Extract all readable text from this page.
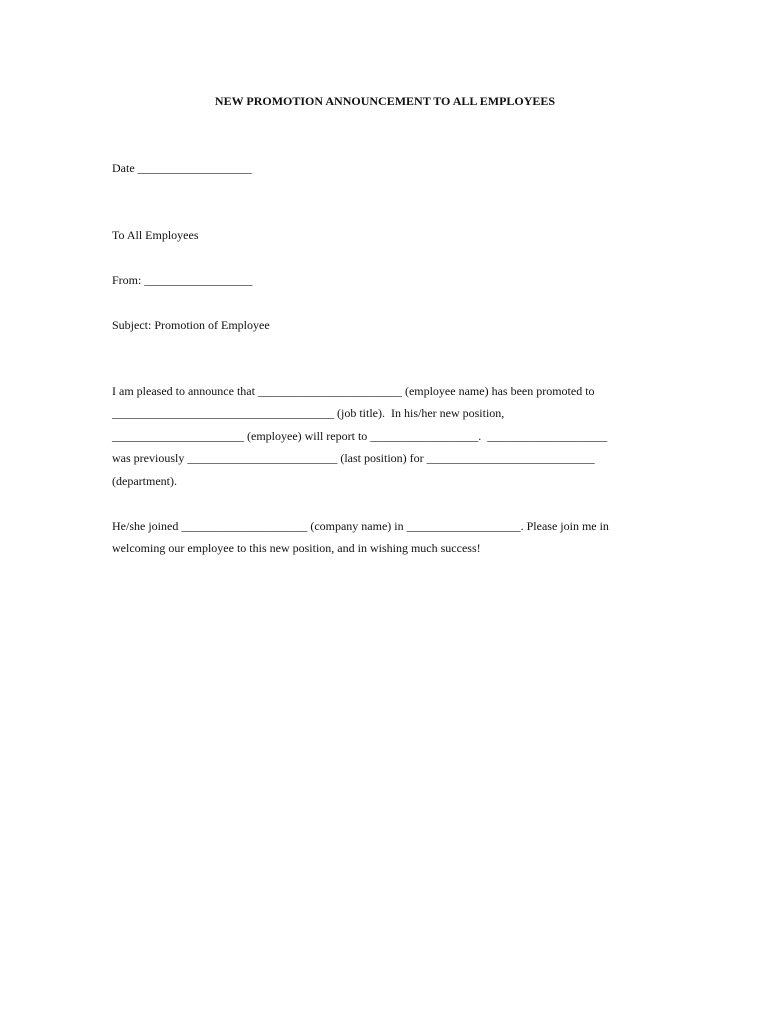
NEW PROMOTION ANNOUNCEMENT TO ALL EMPLOYEES
Date ___________________
To All Employees
From: __________________
Subject: Promotion of Employee
I am pleased to announce that ________________________ (employee name) has been promoted to
_____________________________________ (job title).  In his/her new position,
______________________ (employee) will report to __________________.  ____________________
was previously _________________________ (last position) for ____________________________
(department).
He/she joined _____________________ (company name) in ___________________. Please join me in
welcoming our employee to this new position, and in wishing much success!
